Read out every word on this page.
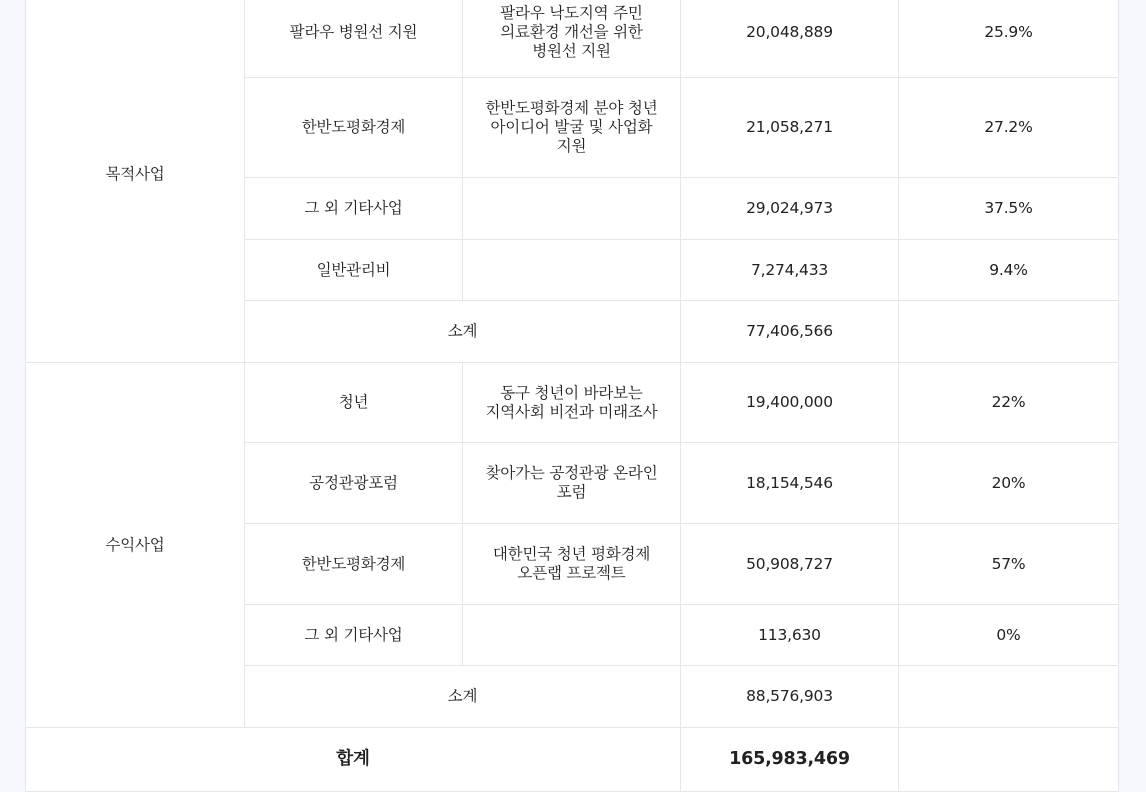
목적사업	팔라우 병원선 지원	팔라우 낙도지역 주민
의료환경 개선을 위한
병원선 지원	20,048,889	25.9%
	한반도평화경제	한반도평화경제 분야 청년
아이디어 발굴 및 사업화
지원	21,058,271	27.2%
	그 외 기타사업		29,024,973	37.5%
	일반관리비		7,274,433	9.4%
	소계		77,406,566	
수익사업	청년	동구 청년이 바라보는
지역사회 비전과 미래조사	19,400,000	22%
	공정관광포럼	찾아가는 공정관광 온라인
포럼	18,154,546	20%
	한반도평화경제	대한민국 청년 평화경제
오픈랩 프로젝트	50,908,727	57%
	그 외 기타사업		113,630	0%
	소계		88,576,903	
합계			165,983,469	
